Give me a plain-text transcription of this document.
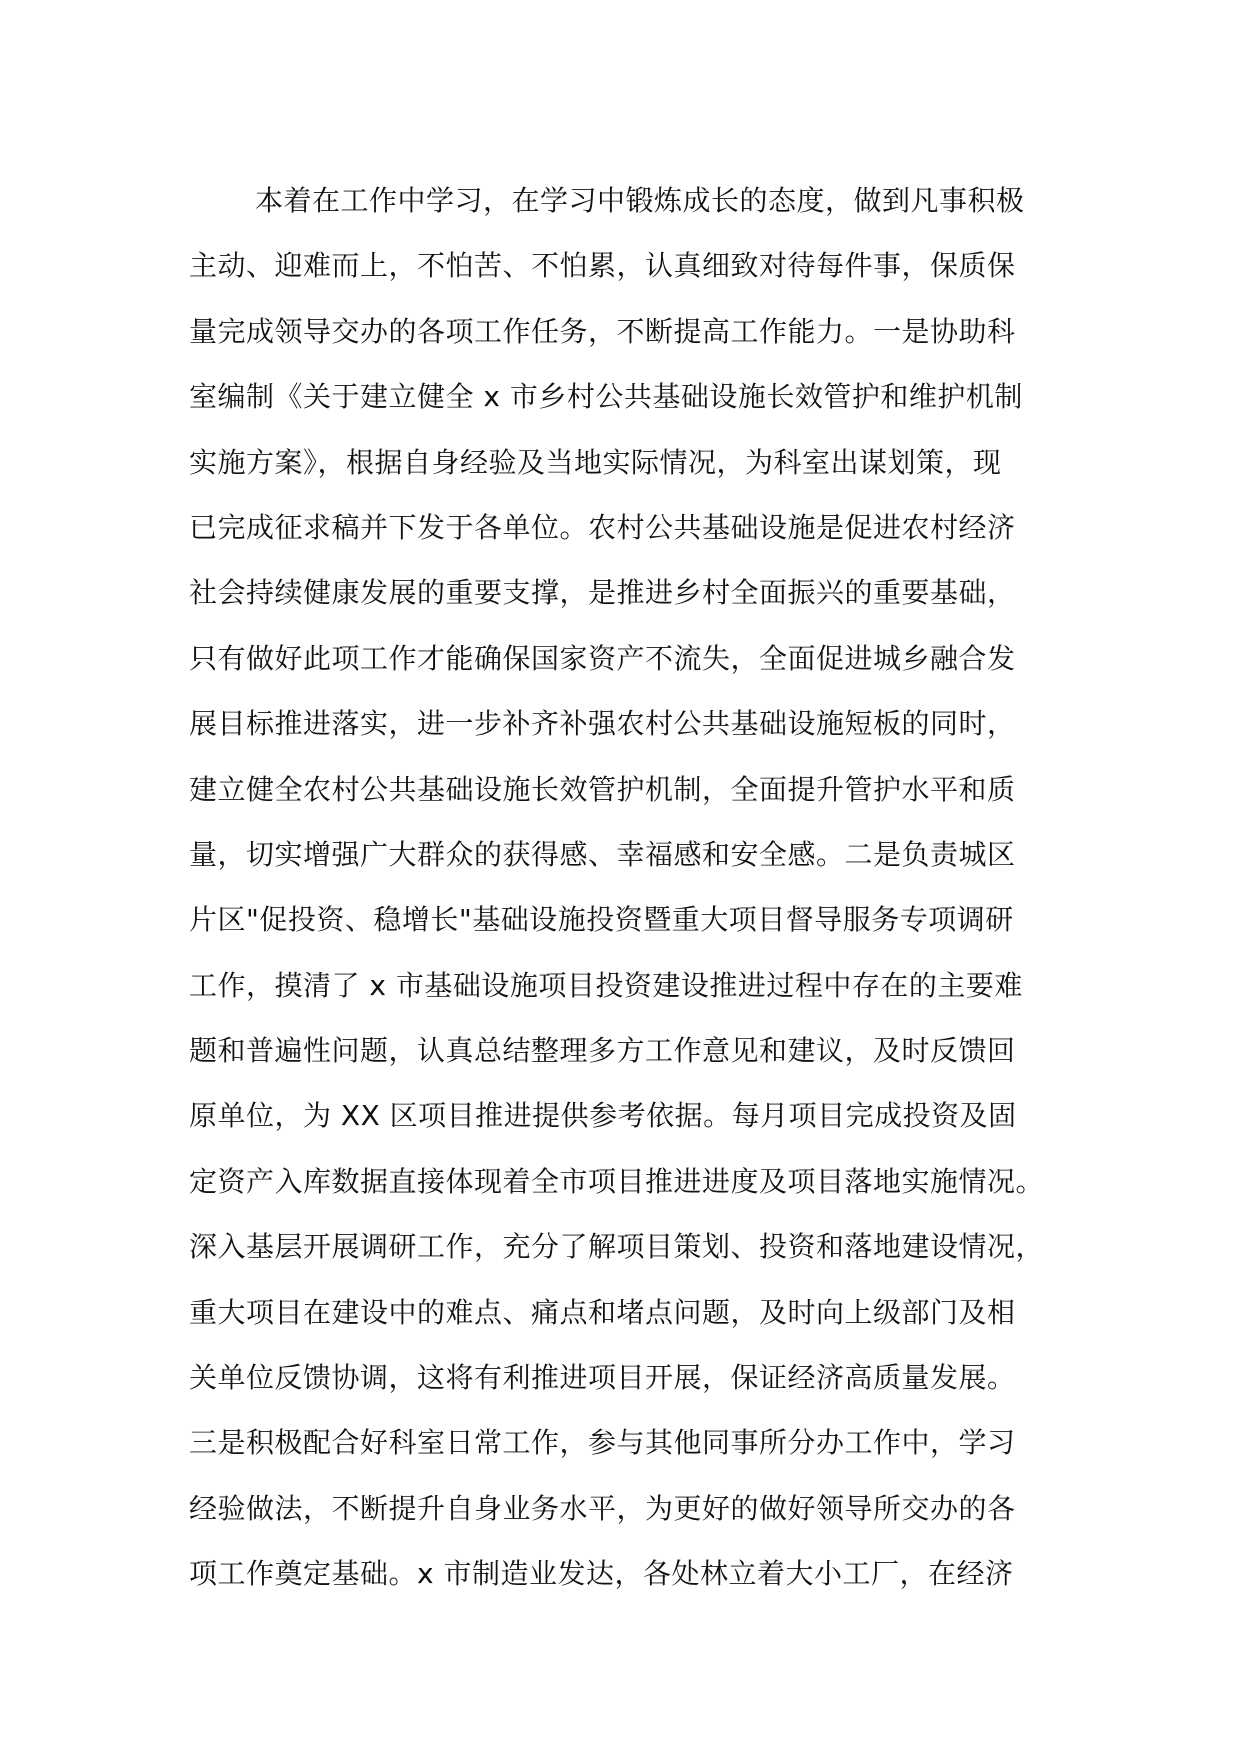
本着在工作中学习，在学习中锻炼成长的态度，做到凡事积极
主动、迎难而上，不怕苦、不怕累，认真细致对待每件事，保质保
量完成领导交办的各项工作任务，不断提高工作能力。一是协助科
室编制《关于建立健全 x 市乡村公共基础设施长效管护和维护机制
实施方案》，根据自身经验及当地实际情况，为科室出谋划策，现
已完成征求稿并下发于各单位。农村公共基础设施是促进农村经济
社会持续健康发展的重要支撑，是推进乡村全面振兴的重要基础，
只有做好此项工作才能确保国家资产不流失，全面促进城乡融合发
展目标推进落实，进一步补齐补强农村公共基础设施短板的同时，
建立健全农村公共基础设施长效管护机制，全面提升管护水平和质
量，切实增强广大群众的获得感、幸福感和安全感。二是负责城区
片区"促投资、稳增长"基础设施投资暨重大项目督导服务专项调研
工作，摸清了 x 市基础设施项目投资建设推进过程中存在的主要难
题和普遍性问题，认真总结整理多方工作意见和建议，及时反馈回
原单位，为 XX 区项目推进提供参考依据。每月项目完成投资及固
定资产入库数据直接体现着全市项目推进进度及项目落地实施情况。
深入基层开展调研工作，充分了解项目策划、投资和落地建设情况，
重大项目在建设中的难点、痛点和堵点问题，及时向上级部门及相
关单位反馈协调，这将有利推进项目开展，保证经济高质量发展。
三是积极配合好科室日常工作，参与其他同事所分办工作中，学习
经验做法，不断提升自身业务水平，为更好的做好领导所交办的各
项工作奠定基础。x 市制造业发达，各处林立着大小工厂，在经济
